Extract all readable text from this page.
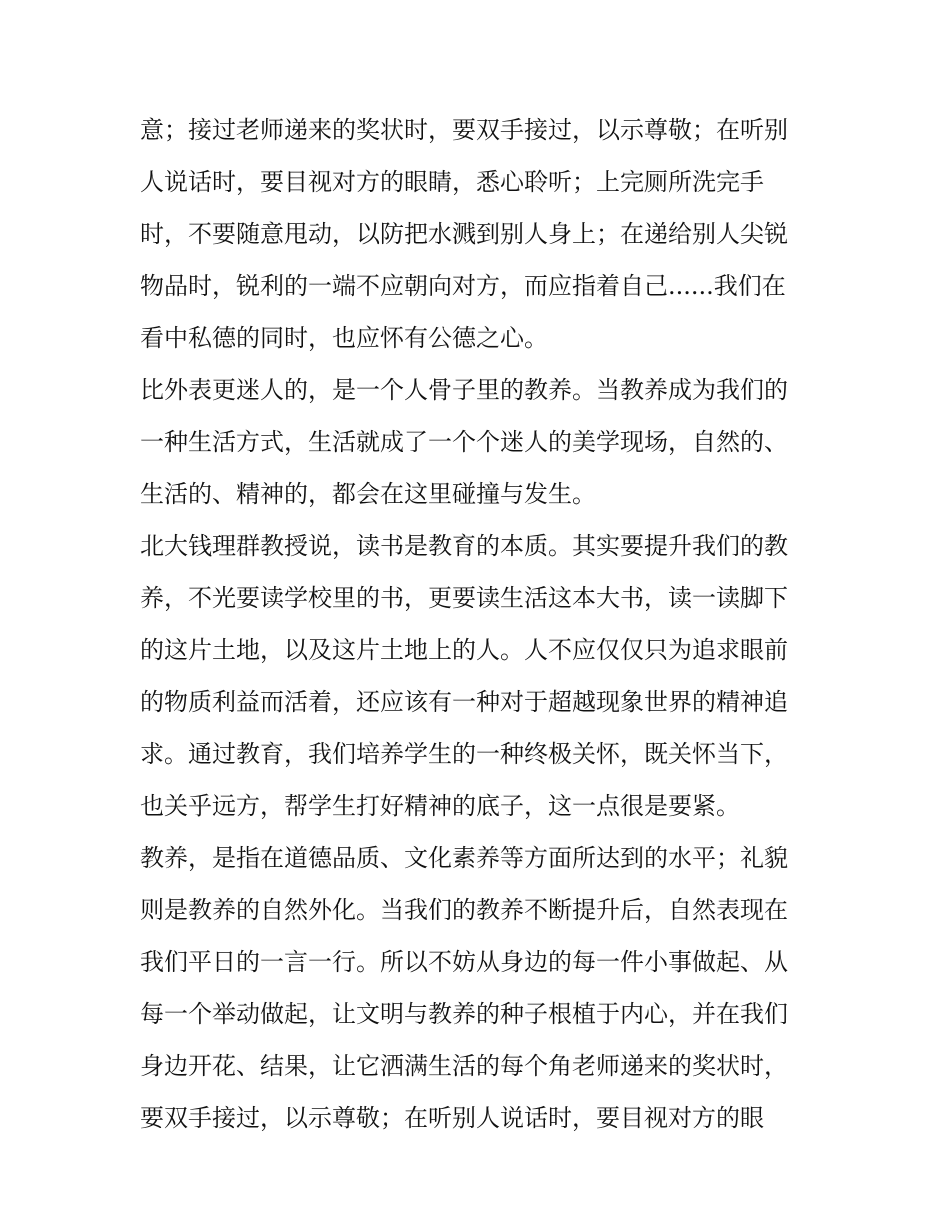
意；接过老师递来的奖状时，要双手接过，以示尊敬；在听别
人说话时，要目视对方的眼睛，悉心聆听；上完厕所洗完手
时，不要随意甩动，以防把水溅到别人身上；在递给别人尖锐
物品时，锐利的一端不应朝向对方，而应指着自己......我们在
看中私德的同时，也应怀有公德之心。
比外表更迷人的，是一个人骨子里的教养。当教养成为我们的
一种生活方式，生活就成了一个个迷人的美学现场，自然的、
生活的、精神的，都会在这里碰撞与发生。
北大钱理群教授说，读书是教育的本质。其实要提升我们的教
养，不光要读学校里的书，更要读生活这本大书，读一读脚下
的这片土地，以及这片土地上的人。人不应仅仅只为追求眼前
的物质利益而活着，还应该有一种对于超越现象世界的精神追
求。通过教育，我们培养学生的一种终极关怀，既关怀当下，
也关乎远方，帮学生打好精神的底子，这一点很是要紧。
教养，是指在道德品质、文化素养等方面所达到的水平；礼貌
则是教养的自然外化。当我们的教养不断提升后，自然表现在
我们平日的一言一行。所以不妨从身边的每一件小事做起、从
每一个举动做起，让文明与教养的种子根植于内心，并在我们
身边开花、结果，让它洒满生活的每个角老师递来的奖状时，
要双手接过，以示尊敬；在听别人说话时，要目视对方的眼
